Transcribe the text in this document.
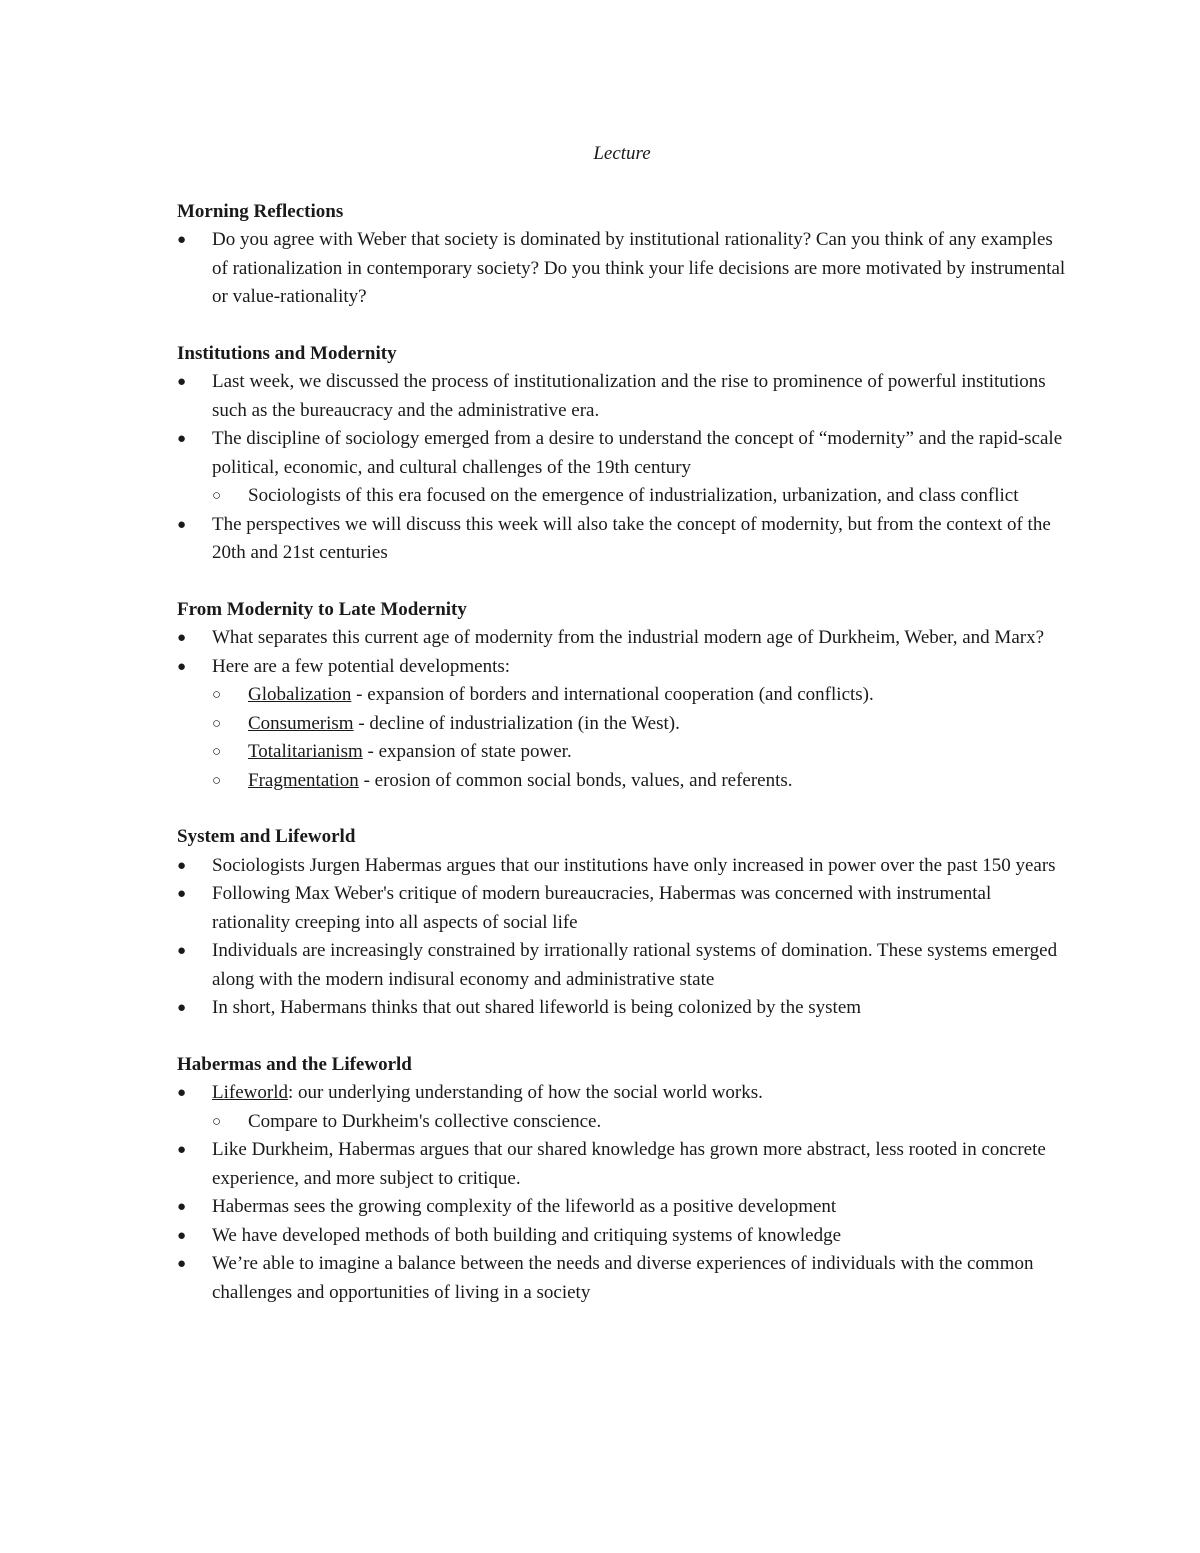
Lecture
Morning Reflections
●	Do you agree with Weber that society is dominated by institutional rationality? Can you think of any examples of rationalization in contemporary society? Do you think your life decisions are more motivated by instrumental or value-rationality?
Institutions and Modernity
●	Last week, we discussed the process of institutionalization and the rise to prominence of powerful institutions such as the bureaucracy and the administrative era.
●	The discipline of sociology emerged from a desire to understand the concept of “modernity” and the rapid-scale political, economic, and cultural challenges of the 19th century
○	Sociologists of this era focused on the emergence of industrialization, urbanization, and class conflict
●	The perspectives we will discuss this week will also take the concept of modernity, but from the context of the 20th and 21st centuries
From Modernity to Late Modernity
●	What separates this current age of modernity from the industrial modern age of Durkheim, Weber, and Marx?
●	Here are a few potential developments:
○	Globalization - expansion of borders and international cooperation (and conflicts).
○	Consumerism - decline of industrialization (in the West).
○	Totalitarianism - expansion of state power.
○	Fragmentation - erosion of common social bonds, values, and referents.
System and Lifeworld
●	Sociologists Jurgen Habermas argues that our institutions have only increased in power over the past 150 years
●	Following Max Weber's critique of modern bureaucracies, Habermas was concerned with instrumental rationality creeping into all aspects of social life
●	Individuals are increasingly constrained by irrationally rational systems of domination. These systems emerged along with the modern indisural economy and administrative state
●	In short, Habermans thinks that out shared lifeworld is being colonized by the system
Habermas and the Lifeworld
●	Lifeworld: our underlying understanding of how the social world works.
○	Compare to Durkheim's collective conscience.
●	Like Durkheim, Habermas argues that our shared knowledge has grown more abstract, less rooted in concrete experience, and more subject to critique.
●	Habermas sees the growing complexity of the lifeworld as a positive development
●	We have developed methods of both building and critiquing systems of knowledge
●	We’re able to imagine a balance between the needs and diverse experiences of individuals with the common challenges and opportunities of living in a society
